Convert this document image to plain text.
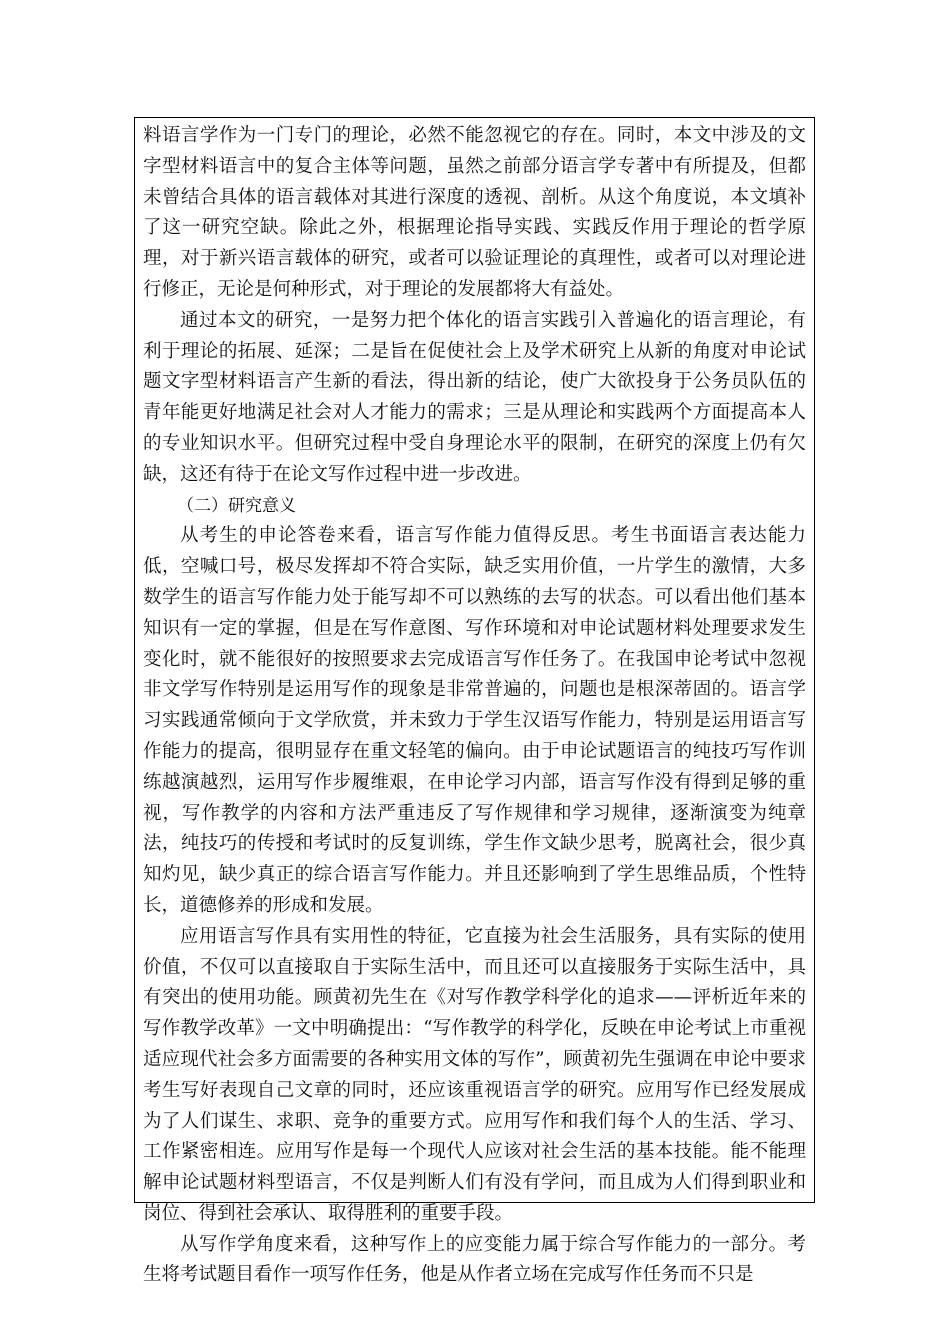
料语言学作为一门专门的理论，必然不能忽视它的存在。同时，本文中涉及的文字型材料语言中的复合主体等问题，虽然之前部分语言学专著中有所提及，但都未曾结合具体的语言载体对其进行深度的透视、剖析。从这个角度说，本文填补了这一研究空缺。除此之外，根据理论指导实践、实践反作用于理论的哲学原理，对于新兴语言载体的研究，或者可以验证理论的真理性，或者可以对理论进行修正，无论是何种形式，对于理论的发展都将大有益处。

通过本文的研究，一是努力把个体化的语言实践引入普遍化的语言理论，有利于理论的拓展、延深；二是旨在促使社会上及学术研究上从新的角度对申论试题文字型材料语言产生新的看法，得出新的结论，使广大欲投身于公务员队伍的青年能更好地满足社会对人才能力的需求；三是从理论和实践两个方面提高本人的专业知识水平。但研究过程中受自身理论水平的限制，在研究的深度上仍有欠缺，这还有待于在论文写作过程中进一步改进。

（二）研究意义

从考生的申论答卷来看，语言写作能力值得反思。考生书面语言表达能力低，空喊口号，极尽发挥却不符合实际，缺乏实用价值，一片学生的激情，大多数学生的语言写作能力处于能写却不可以熟练的去写的状态。可以看出他们基本知识有一定的掌握，但是在写作意图、写作环境和对申论试题材料处理要求发生变化时，就不能很好的按照要求去完成语言写作任务了。在我国申论考试中忽视非文学写作特别是运用写作的现象是非常普遍的，问题也是根深蒂固的。语言学习实践通常倾向于文学欣赏，并未致力于学生汉语写作能力，特别是运用语言写作能力的提高，很明显存在重文轻笔的偏向。由于申论试题语言的纯技巧写作训练越演越烈，运用写作步履维艰，在申论学习内部，语言写作没有得到足够的重视，写作教学的内容和方法严重违反了写作规律和学习规律，逐渐演变为纯章法，纯技巧的传授和考试时的反复训练，学生作文缺少思考，脱离社会，很少真知灼见，缺少真正的综合语言写作能力。并且还影响到了学生思维品质，个性特长，道德修养的形成和发展。

应用语言写作具有实用性的特征，它直接为社会生活服务，具有实际的使用价值，不仅可以直接取自于实际生活中，而且还可以直接服务于实际生活中，具有突出的使用功能。顾黄初先生在《对写作教学科学化的追求——评析近年来的写作教学改革》一文中明确提出：“写作教学的科学化，反映在申论考试上市重视适应现代社会多方面需要的各种实用文体的写作”，顾黄初先生强调在申论中要求考生写好表现自己文章的同时，还应该重视语言学的研究。应用写作已经发展成为了人们谋生、求职、竞争的重要方式。应用写作和我们每个人的生活、学习、工作紧密相连。应用写作是每一个现代人应该对社会生活的基本技能。能不能理解申论试题材料型语言，不仅是判断人们有没有学问，而且成为人们得到职业和岗位、得到社会承认、取得胜利的重要手段。

从写作学角度来看，这种写作上的应变能力属于综合写作能力的一部分。考生将考试题目看作一项写作任务，他是从作者立场在完成写作任务而不只是
